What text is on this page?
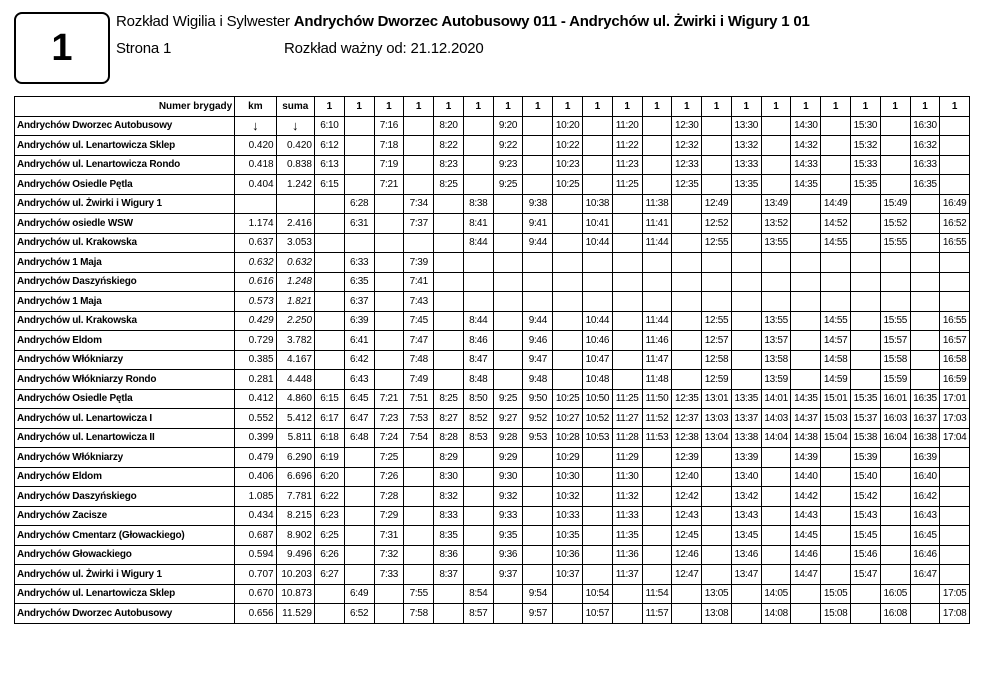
1
Rozkład Wigilia i Sylwester Andrychów Dworzec Autobusowy 011 - Andrychów ul. Żwirki i Wigury 1 01
Strona 1	Rozkład ważny od: 21.12.2020
Numer brygady	km	suma	1	1	1	1	1	1	1	1	1	1	1	1	1	1	1	1	1	1	1	1	1	1
Andrychów Dworzec Autobusowy	↓	↓	6:10		7:16		8:20		9:20		10:20		11:20		12:30		13:30		14:30		15:30		16:30	
Andrychów ul. Lenartowicza Sklep	0.420	0.420	6:12		7:18		8:22		9:22		10:22		11:22		12:32		13:32		14:32		15:32		16:32	
Andrychów ul. Lenartowicza Rondo	0.418	0.838	6:13		7:19		8:23		9:23		10:23		11:23		12:33		13:33		14:33		15:33		16:33	
Andrychów Osiedle Pętla	0.404	1.242	6:15		7:21		8:25		9:25		10:25		11:25		12:35		13:35		14:35		15:35		16:35	
Andrychów ul. Żwirki i Wigury 1				6:28		7:34		8:38		9:38		10:38		11:38		12:49		13:49		14:49		15:49		16:49
Andrychów osiedle WSW	1.174	2.416		6:31		7:37		8:41		9:41		10:41		11:41		12:52		13:52		14:52		15:52		16:52
Andrychów ul. Krakowska	0.637	3.053						8:44		9:44		10:44		11:44		12:55		13:55		14:55		15:55		16:55
Andrychów 1 Maja	0.632	0.632		6:33		7:39																		
Andrychów Daszyńskiego	0.616	1.248		6:35		7:41																		
Andrychów 1 Maja	0.573	1.821		6:37		7:43																		
Andrychów ul. Krakowska	0.429	2.250		6:39		7:45		8:44		9:44		10:44		11:44		12:55		13:55		14:55		15:55		16:55
Andrychów Eldom	0.729	3.782		6:41		7:47		8:46		9:46		10:46		11:46		12:57		13:57		14:57		15:57		16:57
Andrychów Włókniarzy	0.385	4.167		6:42		7:48		8:47		9:47		10:47		11:47		12:58		13:58		14:58		15:58		16:58
Andrychów Włókniarzy Rondo	0.281	4.448		6:43		7:49		8:48		9:48		10:48		11:48		12:59		13:59		14:59		15:59		16:59
Andrychów Osiedle Pętla	0.412	4.860	6:15	6:45	7:21	7:51	8:25	8:50	9:25	9:50	10:25	10:50	11:25	11:50	12:35	13:01	13:35	14:01	14:35	15:01	15:35	16:01	16:35	17:01
Andrychów ul. Lenartowicza I	0.552	5.412	6:17	6:47	7:23	7:53	8:27	8:52	9:27	9:52	10:27	10:52	11:27	11:52	12:37	13:03	13:37	14:03	14:37	15:03	15:37	16:03	16:37	17:03
Andrychów ul. Lenartowicza II	0.399	5.811	6:18	6:48	7:24	7:54	8:28	8:53	9:28	9:53	10:28	10:53	11:28	11:53	12:38	13:04	13:38	14:04	14:38	15:04	15:38	16:04	16:38	17:04
Andrychów Włókniarzy	0.479	6.290	6:19		7:25		8:29		9:29		10:29		11:29		12:39		13:39		14:39		15:39		16:39	
Andrychów Eldom	0.406	6.696	6:20		7:26		8:30		9:30		10:30		11:30		12:40		13:40		14:40		15:40		16:40	
Andrychów Daszyńskiego	1.085	7.781	6:22		7:28		8:32		9:32		10:32		11:32		12:42		13:42		14:42		15:42		16:42	
Andrychów Zacisze	0.434	8.215	6:23		7:29		8:33		9:33		10:33		11:33		12:43		13:43		14:43		15:43		16:43	
Andrychów Cmentarz (Głowackiego)	0.687	8.902	6:25		7:31		8:35		9:35		10:35		11:35		12:45		13:45		14:45		15:45		16:45	
Andrychów Głowackiego	0.594	9.496	6:26		7:32		8:36		9:36		10:36		11:36		12:46		13:46		14:46		15:46		16:46	
Andrychów ul. Żwirki i Wigury 1	0.707	10.203	6:27		7:33		8:37		9:37		10:37		11:37		12:47		13:47		14:47		15:47		16:47	
Andrychów ul. Lenartowicza Sklep	0.670	10.873		6:49		7:55		8:54		9:54		10:54		11:54		13:05		14:05		15:05		16:05		17:05
Andrychów Dworzec Autobusowy	0.656	11.529		6:52		7:58		8:57		9:57		10:57		11:57		13:08		14:08		15:08		16:08		17:08
